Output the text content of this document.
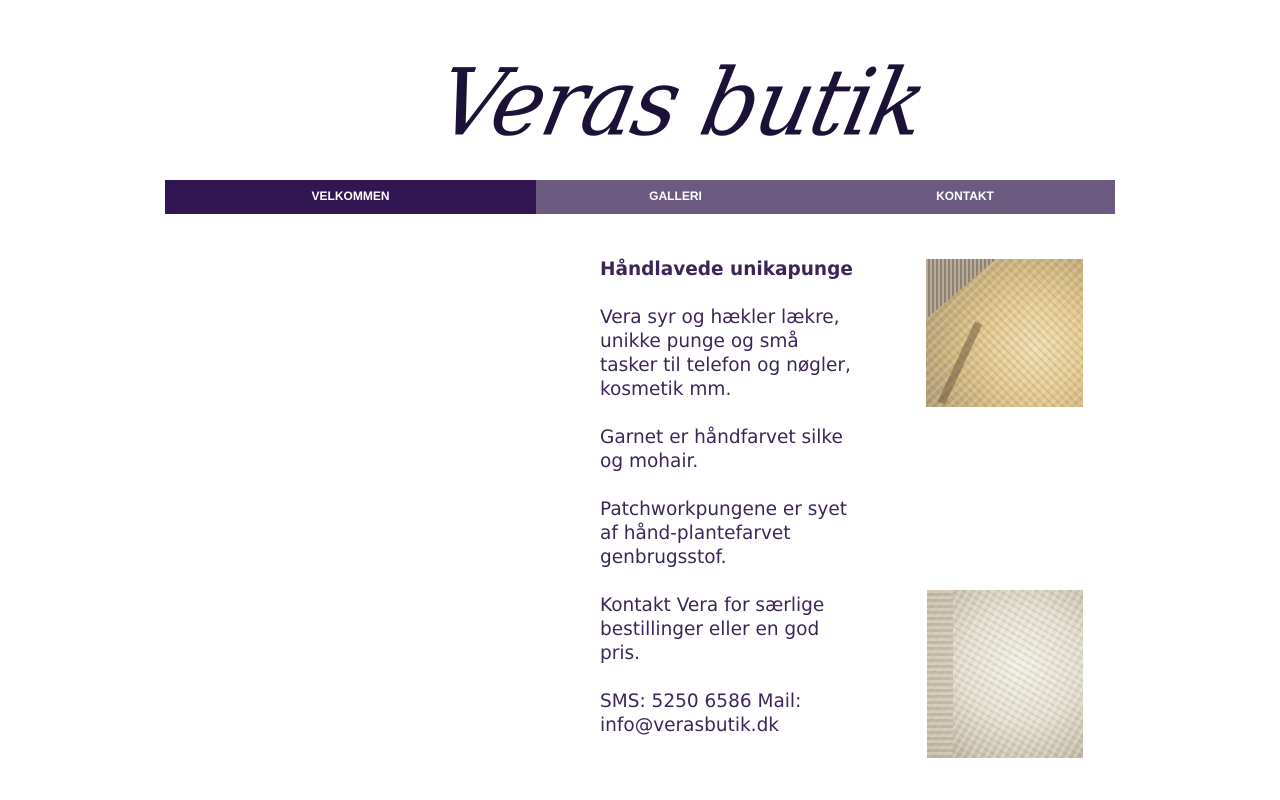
Veras butik
VELKOMMEN	GALLERI	KONTAKT
Håndlavede unikapunge

Vera syr og hækler lækre, unikke punge og små tasker til telefon og nøgler, kosmetik mm.

Garnet er håndfarvet silke og mohair.

Patchworkpungene er syet af hånd-plantefarvet genbrugsstof.

Kontakt Vera for særlige bestillinger eller en god pris.

SMS: 5250 6586 Mail: info@verasbutik.dk
